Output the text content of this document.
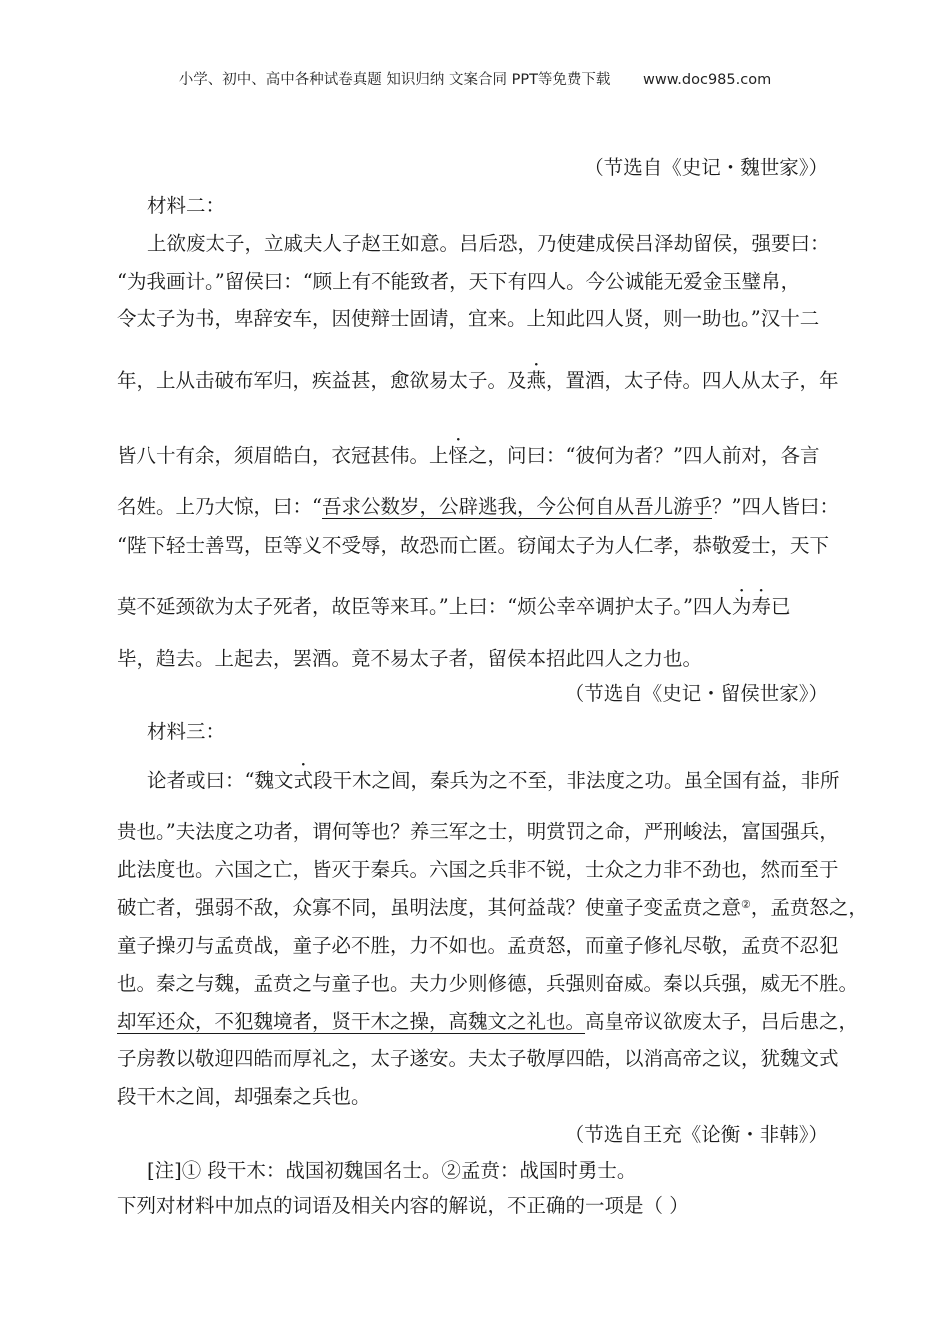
小学、初中、高中各种试卷真题 知识归纳 文案合同 PPT等免费下载 www.doc985.com
（节选自《史记・魏世家》）
材料二：
上欲废太子，立戚夫人子赵王如意。吕后恐，乃使建成侯吕泽劫留侯，强要曰：
“为我画计。”留侯曰：“顾上有不能致者，天下有四人。今公诚能无爱金玉璧帛，
令太子为书，卑辞安车，因使辩士固请，宜来。上知此四人贤，则一助也。”汉十二
年，上从击破布军归，疾益甚，愈欲易太子。及燕，置酒，太子侍。四人从太子，年
皆八十有余，须眉皓白，衣冠甚伟。上怪之，问曰：“彼何为者？”四人前对，各言
名姓。上乃大惊，曰：“吾求公数岁，公辟逃我，今公何自从吾儿游乎？”四人皆曰：
“陛下轻士善骂，臣等义不受辱，故恐而亡匿。窃闻太子为人仁孝，恭敬爱士，天下
莫不延颈欲为太子死者，故臣等来耳。”上曰：“烦公幸卒调护太子。”四人为寿已
毕，趋去。上起去，罢酒。竟不易太子者，留侯本招此四人之力也。
（节选自《史记・留侯世家》）
材料三：
论者或曰：“魏文式段干木之闾，秦兵为之不至，非法度之功。虽全国有益，非所
贵也。”夫法度之功者，谓何等也？养三军之士，明赏罚之命，严刑峻法，富国强兵，
此法度也。六国之亡，皆灭于秦兵。六国之兵非不锐，士众之力非不劲也，然而至于
破亡者，强弱不敌，众寡不同，虽明法度，其何益哉？使童子变孟贲之意②，孟贲怒之，
童子操刃与孟贲战，童子必不胜，力不如也。孟贲怒，而童子修礼尽敬，孟贲不忍犯
也。秦之与魏，孟贲之与童子也。夫力少则修德，兵强则奋威。秦以兵强，威无不胜。
却军还众，不犯魏境者，贤干木之操，高魏文之礼也。高皇帝议欲废太子，吕后患之，
子房教以敬迎四皓而厚礼之，太子遂安。夫太子敬厚四皓，以消高帝之议，犹魏文式
段干木之闾，却强秦之兵也。
（节选自王充《论衡・非韩》）
[注]① 段干木：战国初魏国名士。②孟贲：战国时勇士。
下列对材料中加点的词语及相关内容的解说，不正确的一项是（ ）
